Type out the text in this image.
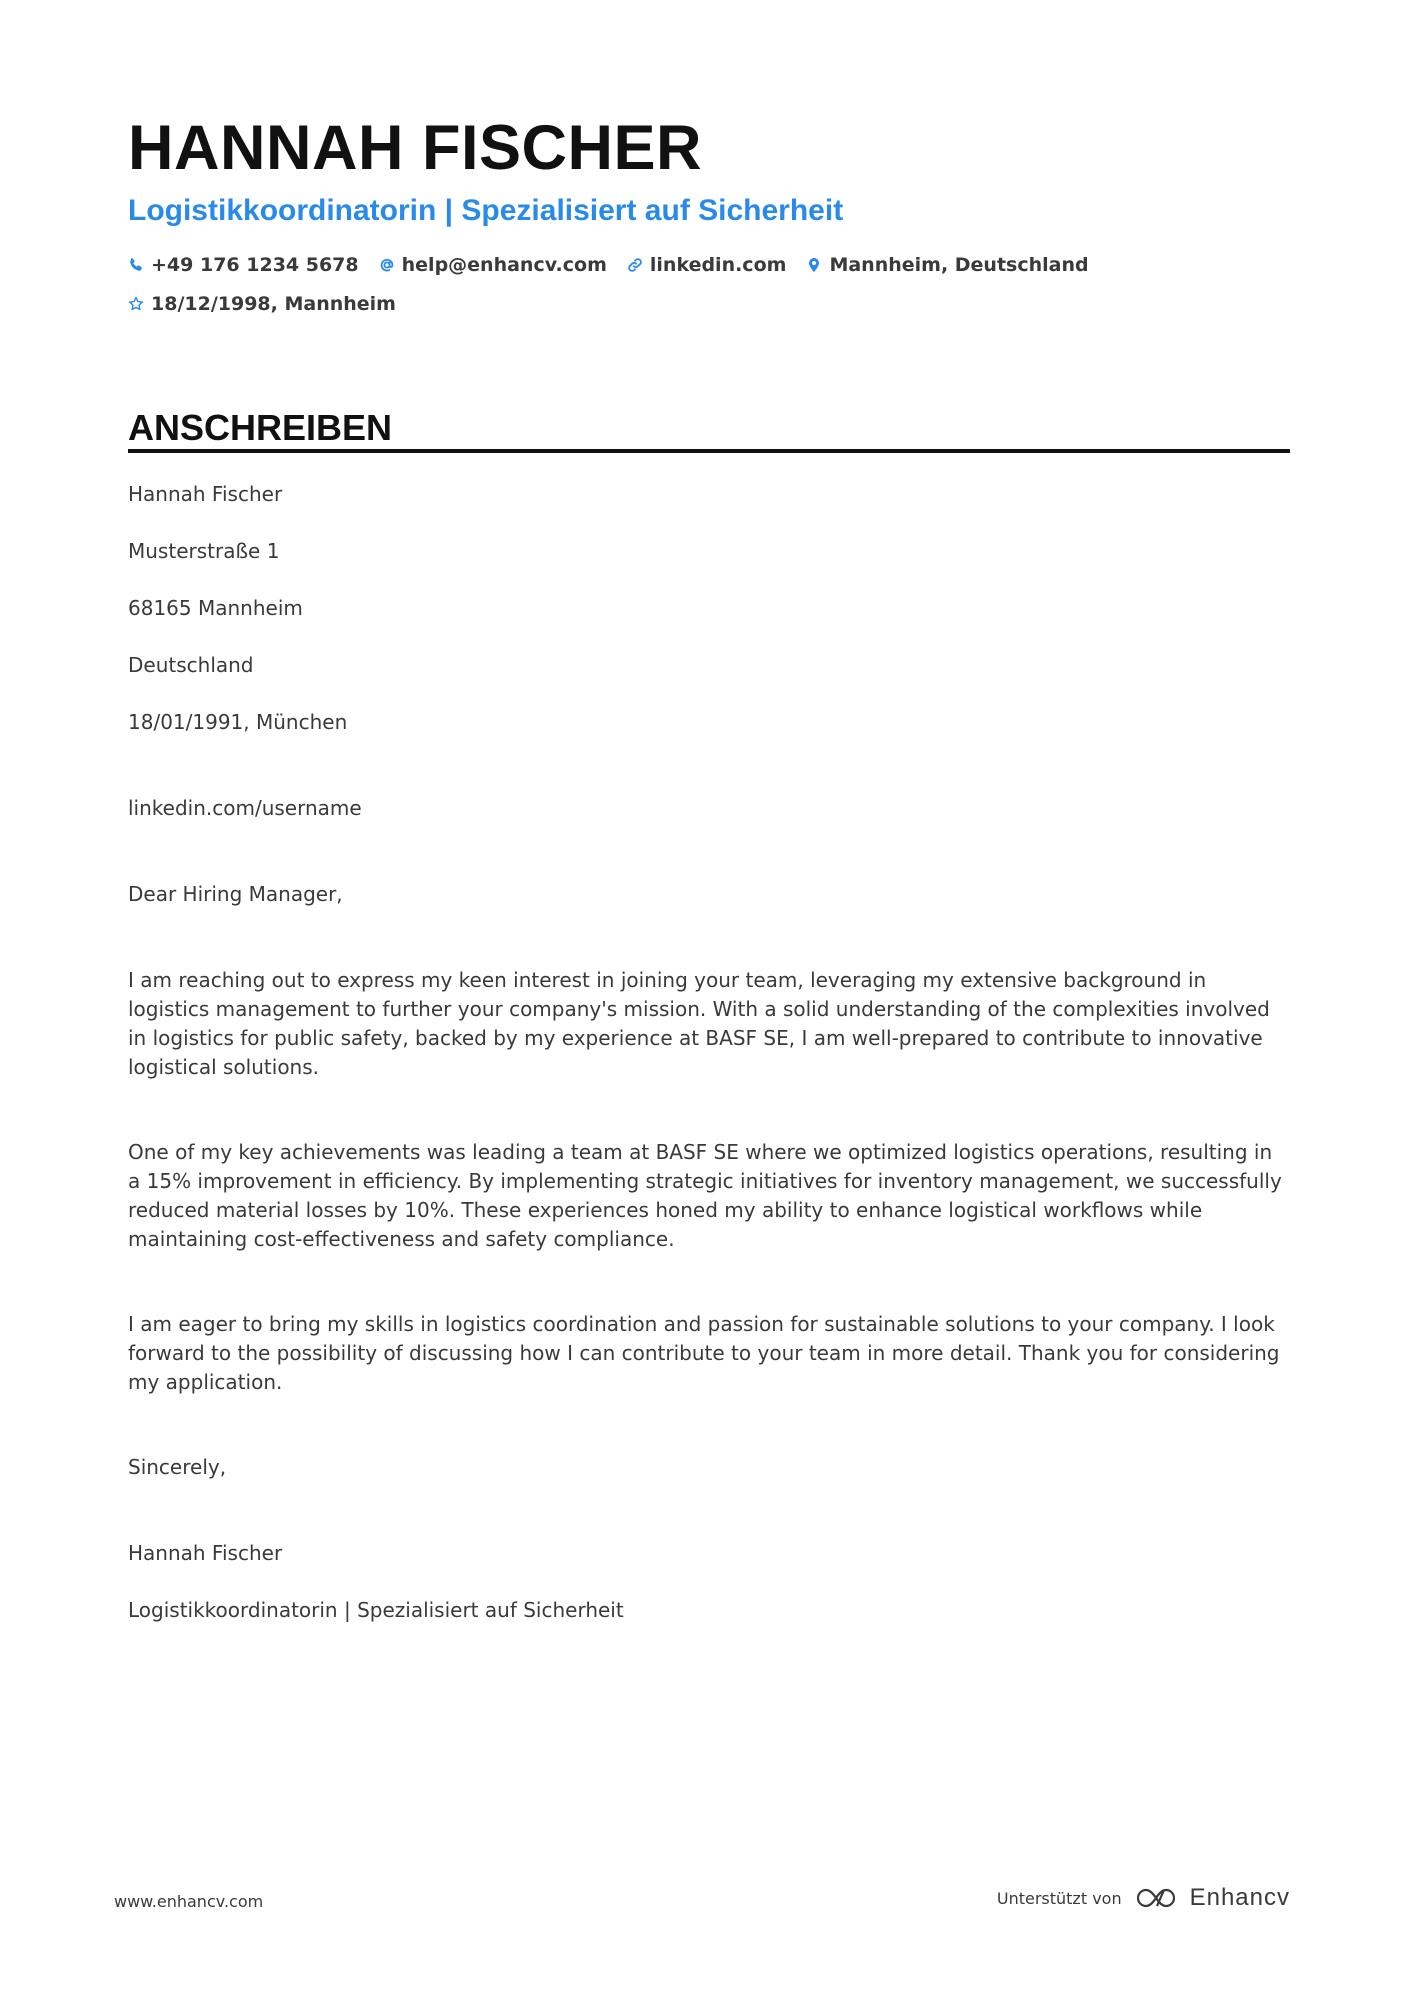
HANNAH FISCHER
Logistikkoordinatorin | Spezialisiert auf Sicherheit
+49 176 1234 5678 help@enhancv.com linkedin.com Mannheim, Deutschland
18/12/1998, Mannheim
ANSCHREIBEN
Hannah Fischer
Musterstraße 1
68165 Mannheim
Deutschland
18/01/1991, München
linkedin.com/username
Dear Hiring Manager,
I am reaching out to express my keen interest in joining your team, leveraging my extensive background in logistics management to further your company's mission. With a solid understanding of the complexities involved in logistics for public safety, backed by my experience at BASF SE, I am well-prepared to contribute to innovative logistical solutions.
One of my key achievements was leading a team at BASF SE where we optimized logistics operations, resulting in a 15% improvement in efficiency. By implementing strategic initiatives for inventory management, we successfully reduced material losses by 10%. These experiences honed my ability to enhance logistical workflows while maintaining cost-effectiveness and safety compliance.
I am eager to bring my skills in logistics coordination and passion for sustainable solutions to your company. I look forward to the possibility of discussing how I can contribute to your team in more detail. Thank you for considering my application.
Sincerely,
Hannah Fischer
Logistikkoordinatorin | Spezialisiert auf Sicherheit
www.enhancv.com	Unterstützt von	Enhancv
